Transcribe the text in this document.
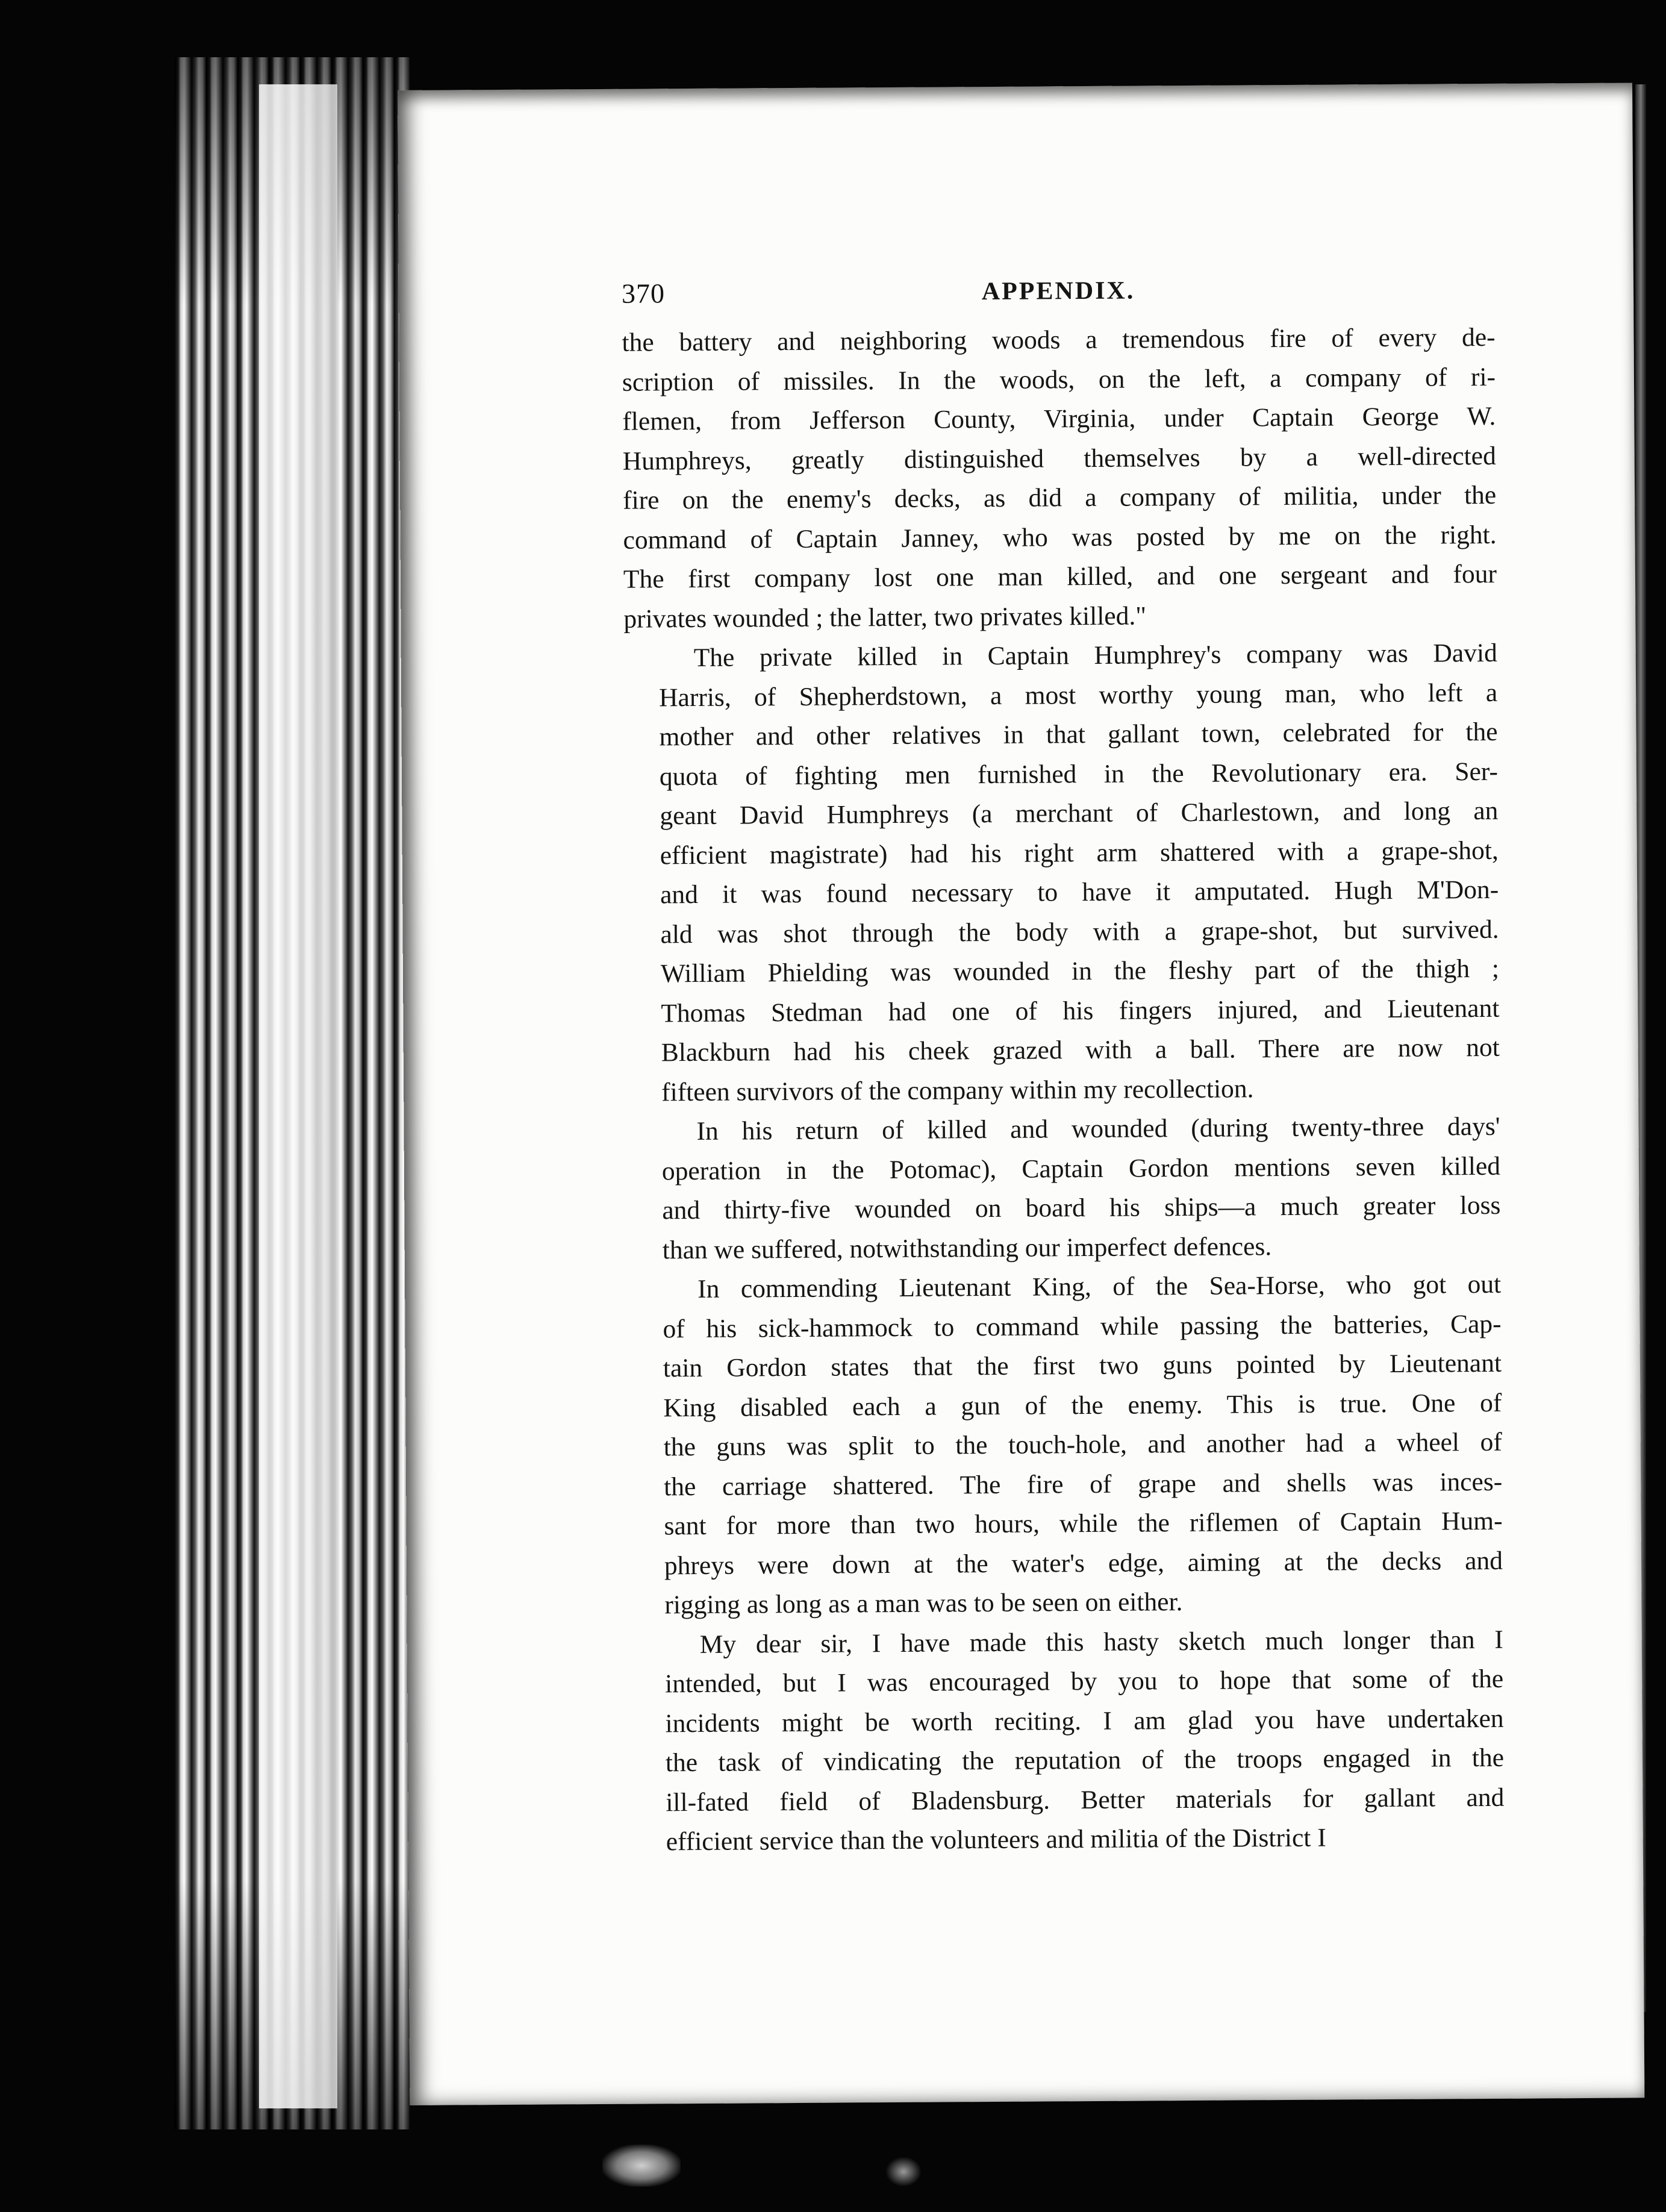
370	APPENDIX.

the battery and neighboring woods a tremendous fire of every de-
scription of missiles. In the woods, on the left, a company of ri-
flemen, from Jefferson County, Virginia, under Captain George W.
Humphreys, greatly distinguished themselves by a well-directed
fire on the enemy's decks, as did a company of militia, under the
command of Captain Janney, who was posted by me on the right.
The first company lost one man killed, and one sergeant and four
privates wounded ; the latter, two privates killed."

The private killed in Captain Humphrey's company was David
Harris, of Shepherdstown, a most worthy young man, who left a
mother and other relatives in that gallant town, celebrated for the
quota of fighting men furnished in the Revolutionary era. Ser-
geant David Humphreys (a merchant of Charlestown, and long an
efficient magistrate) had his right arm shattered with a grape-shot,
and it was found necessary to have it amputated. Hugh M'Don-
ald was shot through the body with a grape-shot, but survived.
William Phielding was wounded in the fleshy part of the thigh ;
Thomas Stedman had one of his fingers injured, and Lieutenant
Blackburn had his cheek grazed with a ball. There are now not
fifteen survivors of the company within my recollection.

In his return of killed and wounded (during twenty-three days'
operation in the Potomac), Captain Gordon mentions seven killed
and thirty-five wounded on board his ships—a much greater loss
than we suffered, notwithstanding our imperfect defences.

In commending Lieutenant King, of the Sea-Horse, who got out
of his sick-hammock to command while passing the batteries, Cap-
tain Gordon states that the first two guns pointed by Lieutenant
King disabled each a gun of the enemy. This is true. One of
the guns was split to the touch-hole, and another had a wheel of
the carriage shattered. The fire of grape and shells was inces-
sant for more than two hours, while the riflemen of Captain Hum-
phreys were down at the water's edge, aiming at the decks and
rigging as long as a man was to be seen on either.

My dear sir, I have made this hasty sketch much longer than I
intended, but I was encouraged by you to hope that some of the
incidents might be worth reciting. I am glad you have undertaken
the task of vindicating the reputation of the troops engaged in the
ill-fated field of Bladensburg. Better materials for gallant and
efficient service than the volunteers and militia of the District I
